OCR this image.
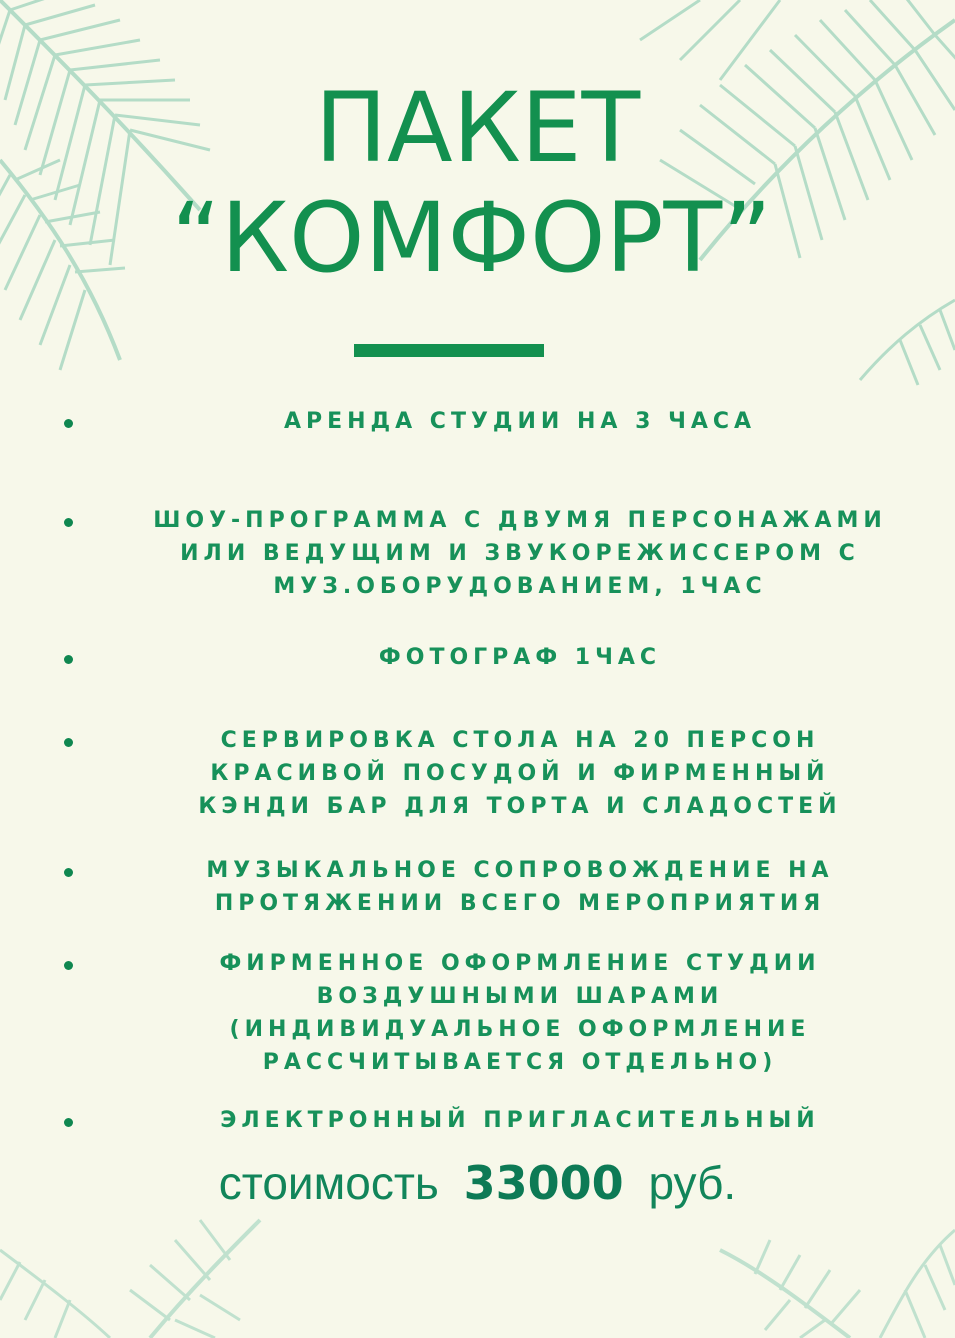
ПАКЕТ
“КОМФОРТ”
АРЕНДА СТУДИИ НА 3 ЧАСА
ШОУ-ПРОГРАММА С ДВУМЯ ПЕРСОНАЖАМИ
ИЛИ ВЕДУЩИМ И ЗВУКОРЕЖИССЕРОМ С
МУЗ.ОБОРУДОВАНИЕМ, 1ЧАС
ФОТОГРАФ 1ЧАС
СЕРВИРОВКА СТОЛА НА 20 ПЕРСОН
КРАСИВОЙ ПОСУДОЙ И ФИРМЕННЫЙ
КЭНДИ БАР ДЛЯ ТОРТА И СЛАДОСТЕЙ
МУЗЫКАЛЬНОЕ СОПРОВОЖДЕНИЕ НА
ПРОТЯЖЕНИИ ВСЕГО МЕРОПРИЯТИЯ
ФИРМЕННОЕ ОФОРМЛЕНИЕ СТУДИИ
ВОЗДУШНЫМИ ШАРАМИ
(ИНДИВИДУАЛЬНОЕ ОФОРМЛЕНИЕ
РАССЧИТЫВАЕТСЯ ОТДЕЛЬНО)
ЭЛЕКТРОННЫЙ ПРИГЛАСИТЕЛЬНЫЙ
стоимость 33000 руб.
